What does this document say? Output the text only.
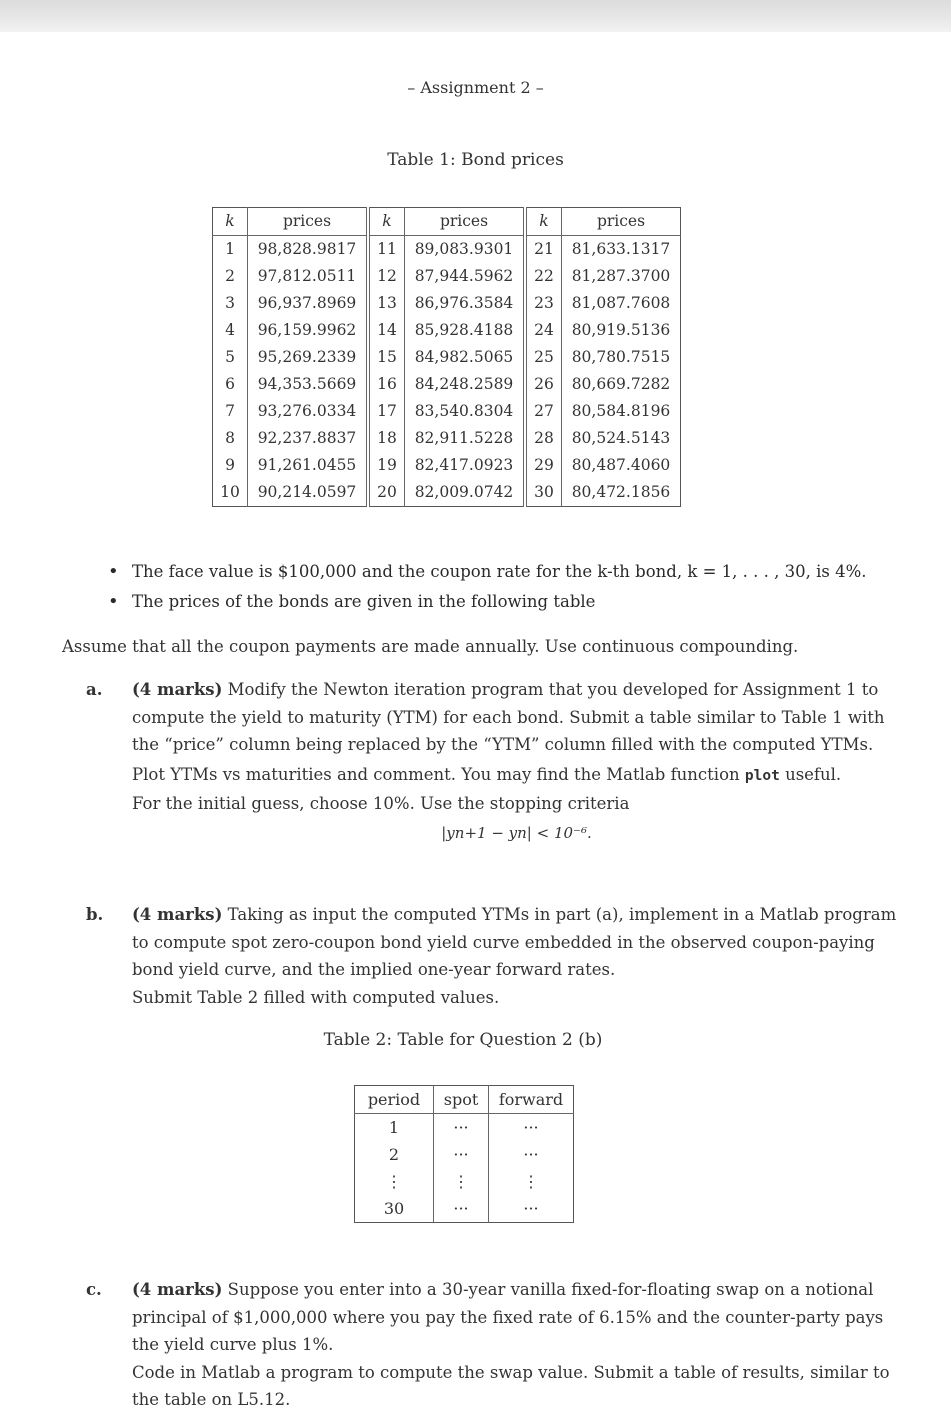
– Assignment 2 –
Table 1: Bond prices
k	prices	k	prices	k	prices
1	98,828.9817	11	89,083.9301	21	81,633.1317
2	97,812.0511	12	87,944.5962	22	81,287.3700
3	96,937.8969	13	86,976.3584	23	81,087.7608
4	96,159.9962	14	85,928.4188	24	80,919.5136
5	95,269.2339	15	84,982.5065	25	80,780.7515
6	94,353.5669	16	84,248.2589	26	80,669.7282
7	93,276.0334	17	83,540.8304	27	80,584.8196
8	92,237.8837	18	82,911.5228	28	80,524.5143
9	91,261.0455	19	82,417.0923	29	80,487.4060
10	90,214.0597	20	82,009.0742	30	80,472.1856
• The face value is $100,000 and the coupon rate for the k-th bond, k = 1, . . . , 30, is 4%.
• The prices of the bonds are given in the following table
Assume that all the coupon payments are made annually. Use continuous compounding.
a. (4 marks) Modify the Newton iteration program that you developed for Assignment 1 to compute the yield to maturity (YTM) for each bond. Submit a table similar to Table 1 with the “price” column being replaced by the “YTM” column filled with the computed YTMs.
Plot YTMs vs maturities and comment. You may find the Matlab function plot useful.
For the initial guess, choose 10%. Use the stopping criteria
|yn+1 − yn| < 10⁻⁶.
b. (4 marks) Taking as input the computed YTMs in part (a), implement in a Matlab program to compute spot zero-coupon bond yield curve embedded in the observed coupon-paying bond yield curve, and the implied one-year forward rates.
Submit Table 2 filled with computed values.
Table 2: Table for Question 2 (b)
period	spot	forward
1	···	···
2	···	···
⋮	⋮	⋮
30	···	···
c. (4 marks) Suppose you enter into a 30-year vanilla fixed-for-floating swap on a notional principal of $1,000,000 where you pay the fixed rate of 6.15% and the counter-party pays the yield curve plus 1%.
Code in Matlab a program to compute the swap value. Submit a table of results, similar to the table on L5.12.
